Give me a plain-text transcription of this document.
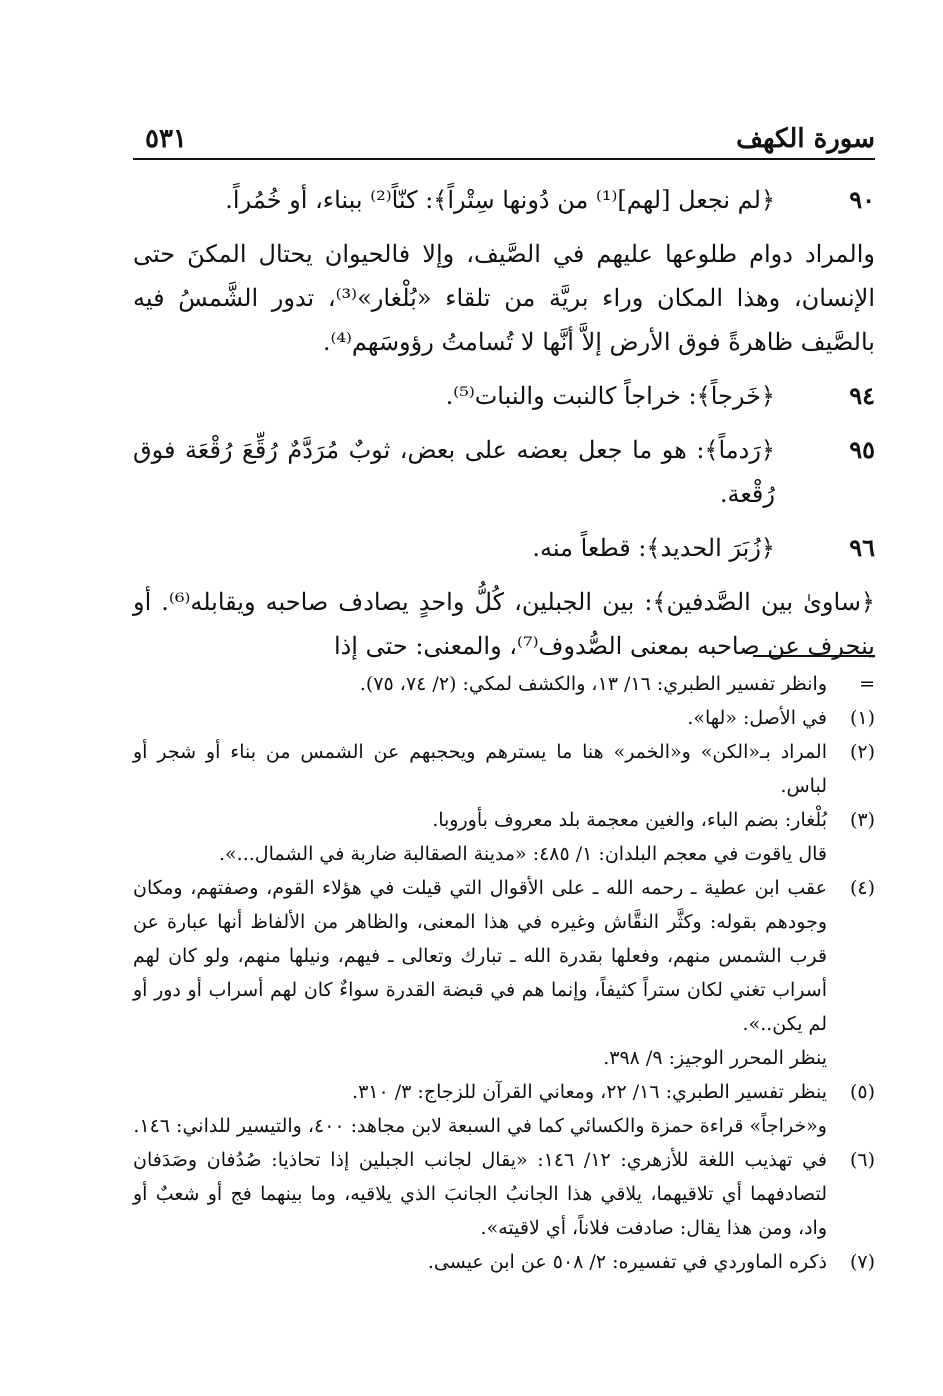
سورة الكهف
٥٣١
٩٠
﴿لم نجعل [لهم]⁽¹⁾ من دُونها سِتْراً﴾: كنّاً⁽²⁾ ببناء، أو خُمُراً.
والمراد دوام طلوعها عليهم في الصَّيف، وإلا فالحيوان يحتال المكنَ حتى الإنسان، وهذا المكان وراء بريَّة من تلقاء «بُلْغار»⁽³⁾، تدور الشَّمسُ فيه بالصَّيف ظاهرةً فوق الأرض إلاَّ أنَّها لا تُسامتُ رؤوسَهم⁽⁴⁾.
٩٤
﴿خَرجاً﴾: خراجاً كالنبت والنبات⁽⁵⁾.
٩٥
﴿رَدماً﴾: هو ما جعل بعضه على بعض، ثوبٌ مُرَدَّمٌ رُقِّعَ رُقْعَة فوق رُقْعة.
٩٦
﴿زُبَرَ الحديد﴾: قطعاً منه.
﴿ساوىٰ بين الصَّدفين﴾: بين الجبلين، كُلُّ واحدٍ يصادف صاحبه ويقابله⁽⁶⁾. أو ينحرف عن صاحبه بمعنى الصُّدوف⁽⁷⁾، والمعنى: حتى إذا
=
وانظر تفسير الطبري: ١٦/ ١٣، والكشف لمكي: (٢/ ٧٤، ٧٥).
(١)
في الأصل: «لها».
(٢)
المراد بـ«الكن» و«الخمر» هنا ما يسترهم ويحجبهم عن الشمس من بناء أو شجر أو لباس.
(٣)
بُلْغار: بضم الباء، والغين معجمة بلد معروف بأوروبا.
قال ياقوت في معجم البلدان: ١/ ٤٨٥: «مدينة الصقالبة ضاربة في الشمال...».
(٤)
عقب ابن عطية ـ رحمه الله ـ على الأقوال التي قيلت في هؤلاء القوم، وصفتهم، ومكان وجودهم بقوله: وكثَّر النقَّاش وغيره في هذا المعنى، والظاهر من الألفاظ أنها عبارة عن قرب الشمس منهم، وفعلها بقدرة الله ـ تبارك وتعالى ـ فيهم، ونيلها منهم، ولو كان لهم أسراب تغني لكان ستراً كثيفاً، وإنما هم في قبضة القدرة سواءٌ كان لهم أسراب أو دور أو لم يكن..».
ينظر المحرر الوجيز: ٩/ ٣٩٨.
(٥)
ينظر تفسير الطبري: ١٦/ ٢٢، ومعاني القرآن للزجاج: ٣/ ٣١٠.
و«خراجاً» قراءة حمزة والكسائي كما في السبعة لابن مجاهد: ٤٠٠، والتيسير للداني: ١٤٦.
(٦)
في تهذيب اللغة للأزهري: ١٢/ ١٤٦: «يقال لجانب الجبلين إذا تحاذيا: صُدُفان وصَدَفان لتصادفهما أي تلاقيهما، يلاقي هذا الجانبُ الجانبَ الذي يلاقيه، وما بينهما فج أو شعبٌ أو واد، ومن هذا يقال: صادفت فلاناً، أي لاقيته».
(٧)
ذكره الماوردي في تفسيره: ٢/ ٥٠٨ عن ابن عيسى.
